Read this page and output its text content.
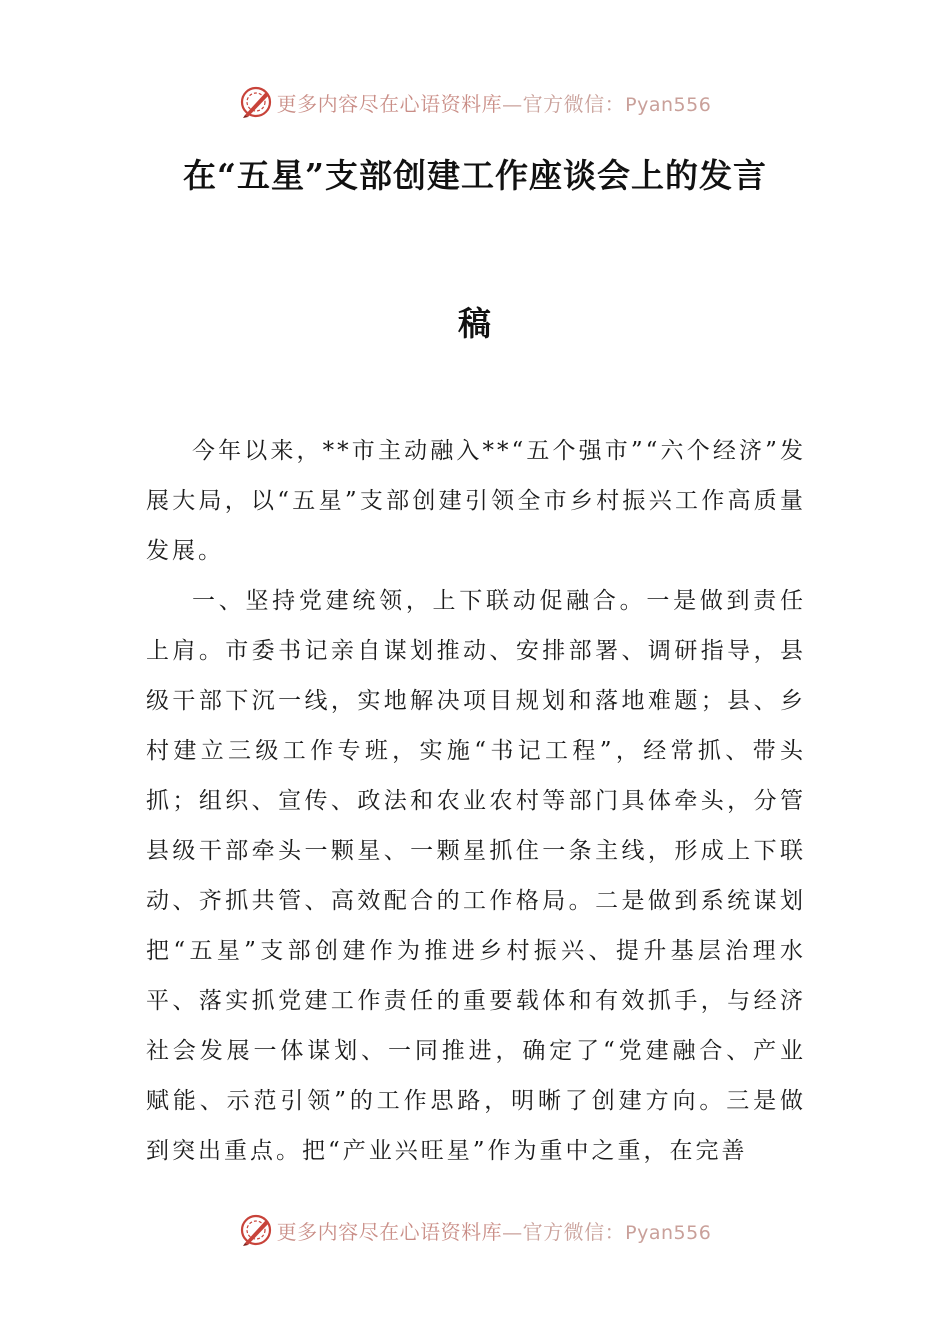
更多内容尽在心语资料库—官方微信：Pyan556
在“五星”支部创建工作座谈会上的发言
稿

今年以来，**市主动融入**“五个强市”“六个经济”发展大局，以“五星”支部创建引领全市乡村振兴工作高质量发展。

一、坚持党建统领，上下联动促融合。一是做到责任上肩。市委书记亲自谋划推动、安排部署、调研指导，县级干部下沉一线，实地解决项目规划和落地难题；县、乡村建立三级工作专班，实施“书记工程”，经常抓、带头抓；组织、宣传、政法和农业农村等部门具体牵头，分管县级干部牵头一颗星、一颗星抓住一条主线，形成上下联动、齐抓共管、高效配合的工作格局。二是做到系统谋划把“五星”支部创建作为推进乡村振兴、提升基层治理水平、落实抓党建工作责任的重要载体和有效抓手，与经济社会发展一体谋划、一同推进，确定了“党建融合、产业赋能、示范引领”的工作思路，明晰了创建方向。三是做到突出重点。把“产业兴旺星”作为重中之重，在完善

更多内容尽在心语资料库—官方微信：Pyan556
